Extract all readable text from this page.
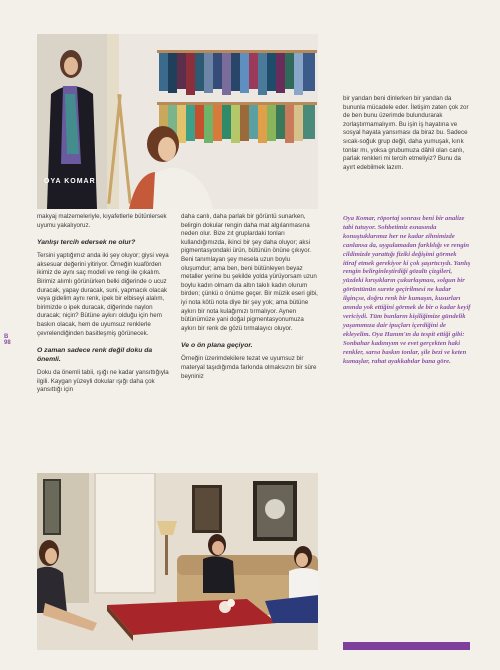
OYA KOMAR

makyaj malzemeleriyle, kıyafetlerle bütünlersek uyumu yakalıyoruz.

Yanlışı tercih edersek ne olur?

Tersini yaptığımız anda iki şey oluyor; giysi veya aksesuar değerini yitiriyor. Örneğin kuaförden ikimiz de aynı saç modeli ve rengi ile çıkalım. Birimiz alımlı görünürken belki diğerinde o ucuz duracak, yapay duracak, suni, yapmacık olacak veya gidelim aynı renk, ipek bir elbiseyi alalım, birimizde o ipek duracak, diğerinde naylon duracak; niçin? Bütüne aykırı olduğu için hem baskın olacak, hem de uyumsuz renklerle çevrelendiğinden basitleşmiş görünecek.

O zaman sadece renk değil doku da önemli.

Doku da önemli tabii, ışığı ne kadar yansıttığıyla ilgili. Kaygan yüzeyli dokular ışığı daha çok yansıttığı için

daha canlı, daha parlak bir görüntü sunarken, belirgin dokular rengin daha mat algılanmasına neden olur. Bize zıt gruplardaki tonları kullandığımızda, ikinci bir şey daha oluyor; aksi pigmentasyondaki ürün, bütünün önüne çıkıyor. Beni tanımlayan şey mesela uzun boylu oluşumdur; ama ben, beni bütünleyen beyaz metaller yerine bu şekilde yolda yürüyorsam uzun boylu kadın olmam da altın takılı kadın olurum birden; çünkü o önüme geçer. Bir müzik eseri gibi, iyi nota kötü nota diye bir şey yok; ama bütüne aykırı bir nota kulağımızı tırmalıyor. Aynen bütünümüze yani doğal pigmentasyonumuza aykırı bir renk de gözü tırmalayıcı oluyor.

Ve o ön plana geçiyor.

Örneğin üzerimdekilere tezat ve uyumsuz bir materyal taşıdığımda farkında olmaksızın bir süre beyniniz

bir yandan beni dinlerken bir yandan da bununla mücadele eder. İletişim zaten çok zor de ben bunu üzerimde bulundurarak zorlaştırmamalıyım. Bu işin iş hayatına ve sosyal hayata yansıması da biraz bu. Sadece sıcak-soğuk grup değil, daha yumuşak, kırık tonlar mı, yoksa grubumuza dâhil olan canlı, parlak renkleri mi tercih etmeliyiz? Bunu da ayırt edebilmek lazım.

Oya Komar, röportaj sonrası beni bir analize tabi tutuyor. Sohbetimiz esnasında konuştuklarımız her ne kadar zihnimizde canlansa da, uygulamadan farklılığı ve rengin cildimizde yarattığı fiziki değişimi görmek itiraf etmek gerekiyor ki çok şaşırtıcıydı. Yanlış rengin belirginleştirdiği gözaltı çizgileri, yüzdeki kırışıkların çukurlaşması, solgun bir görüntünün surete geçirilmesi ne kadar ilginçse, doğru renk bir kumaşın, kusurları anında yok ettiğini görmek de bir o kadar keyif vericiydi. Tüm bunların kişiliğimize gündelik yaşamımıza dair ipuçları içerdiğini de ekleyelim. Oya Hanım'ın da tespit ettiği gibi: Sonbahar kadınıyım ve evet gerçekten haki renkler, sarısı baskın tonlar, şile bezi ve keten kumaşlar, rahat ayakkabılar bana göre.
B
98
